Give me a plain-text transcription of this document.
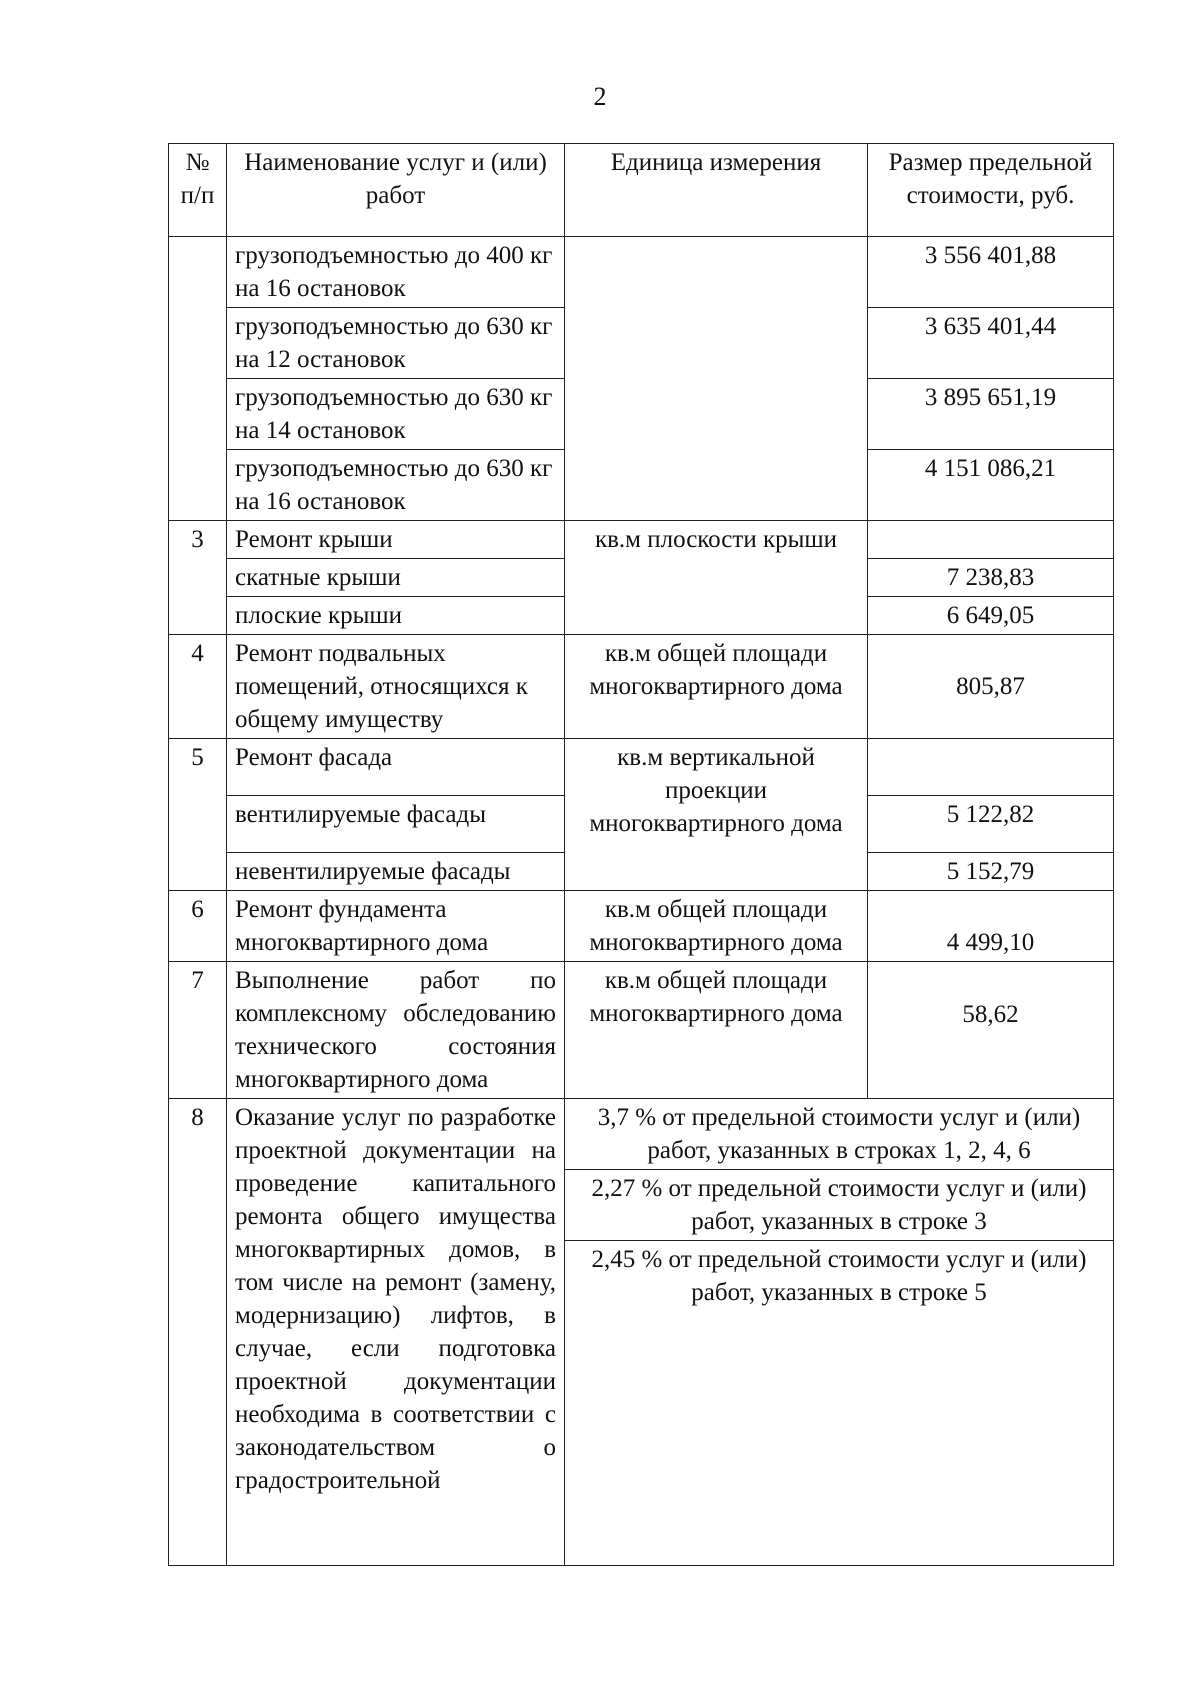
2
№ п/п	Наименование услуг и (или) работ	Единица измерения	Размер предельной стоимости, руб.
	грузоподъемностью до 400 кг на 16 остановок		3 556 401,88
	грузоподъемностью до 630 кг на 12 остановок		3 635 401,44
	грузоподъемностью до 630 кг на 14 остановок		3 895 651,19
	грузоподъемностью до 630 кг на 16 остановок		4 151 086,21
3	Ремонт крыши	кв.м плоскости крыши	
	скатные крыши		7 238,83
	плоские крыши		6 649,05
4	Ремонт подвальных помещений, относящихся к общему имуществу	кв.м общей площади многоквартирного дома	805,87
5	Ремонт фасада	кв.м вертикальной проекции многоквартирного дома	
	вентилируемые фасады		5 122,82
	невентилируемые фасады		5 152,79
6	Ремонт фундамента многоквартирного дома	кв.м общей площади многоквартирного дома	4 499,10
7	Выполнение работ по комплексному обследованию технического состояния многоквартирного дома	кв.м общей площади многоквартирного дома	58,62
8	Оказание услуг по разработке проектной документации на проведение капитального ремонта общего имущества многоквартирных домов, в том числе на ремонт (замену, модернизацию) лифтов, в случае, если подготовка проектной документации необходима в соответствии с законодательством о градостроительной	3,7 % от предельной стоимости услуг и (или) работ, указанных в строках 1, 2, 4, 6	
		2,27 % от предельной стоимости услуг и (или) работ, указанных в строке 3	
		2,45 % от предельной стоимости услуг и (или) работ, указанных в строке 5	
